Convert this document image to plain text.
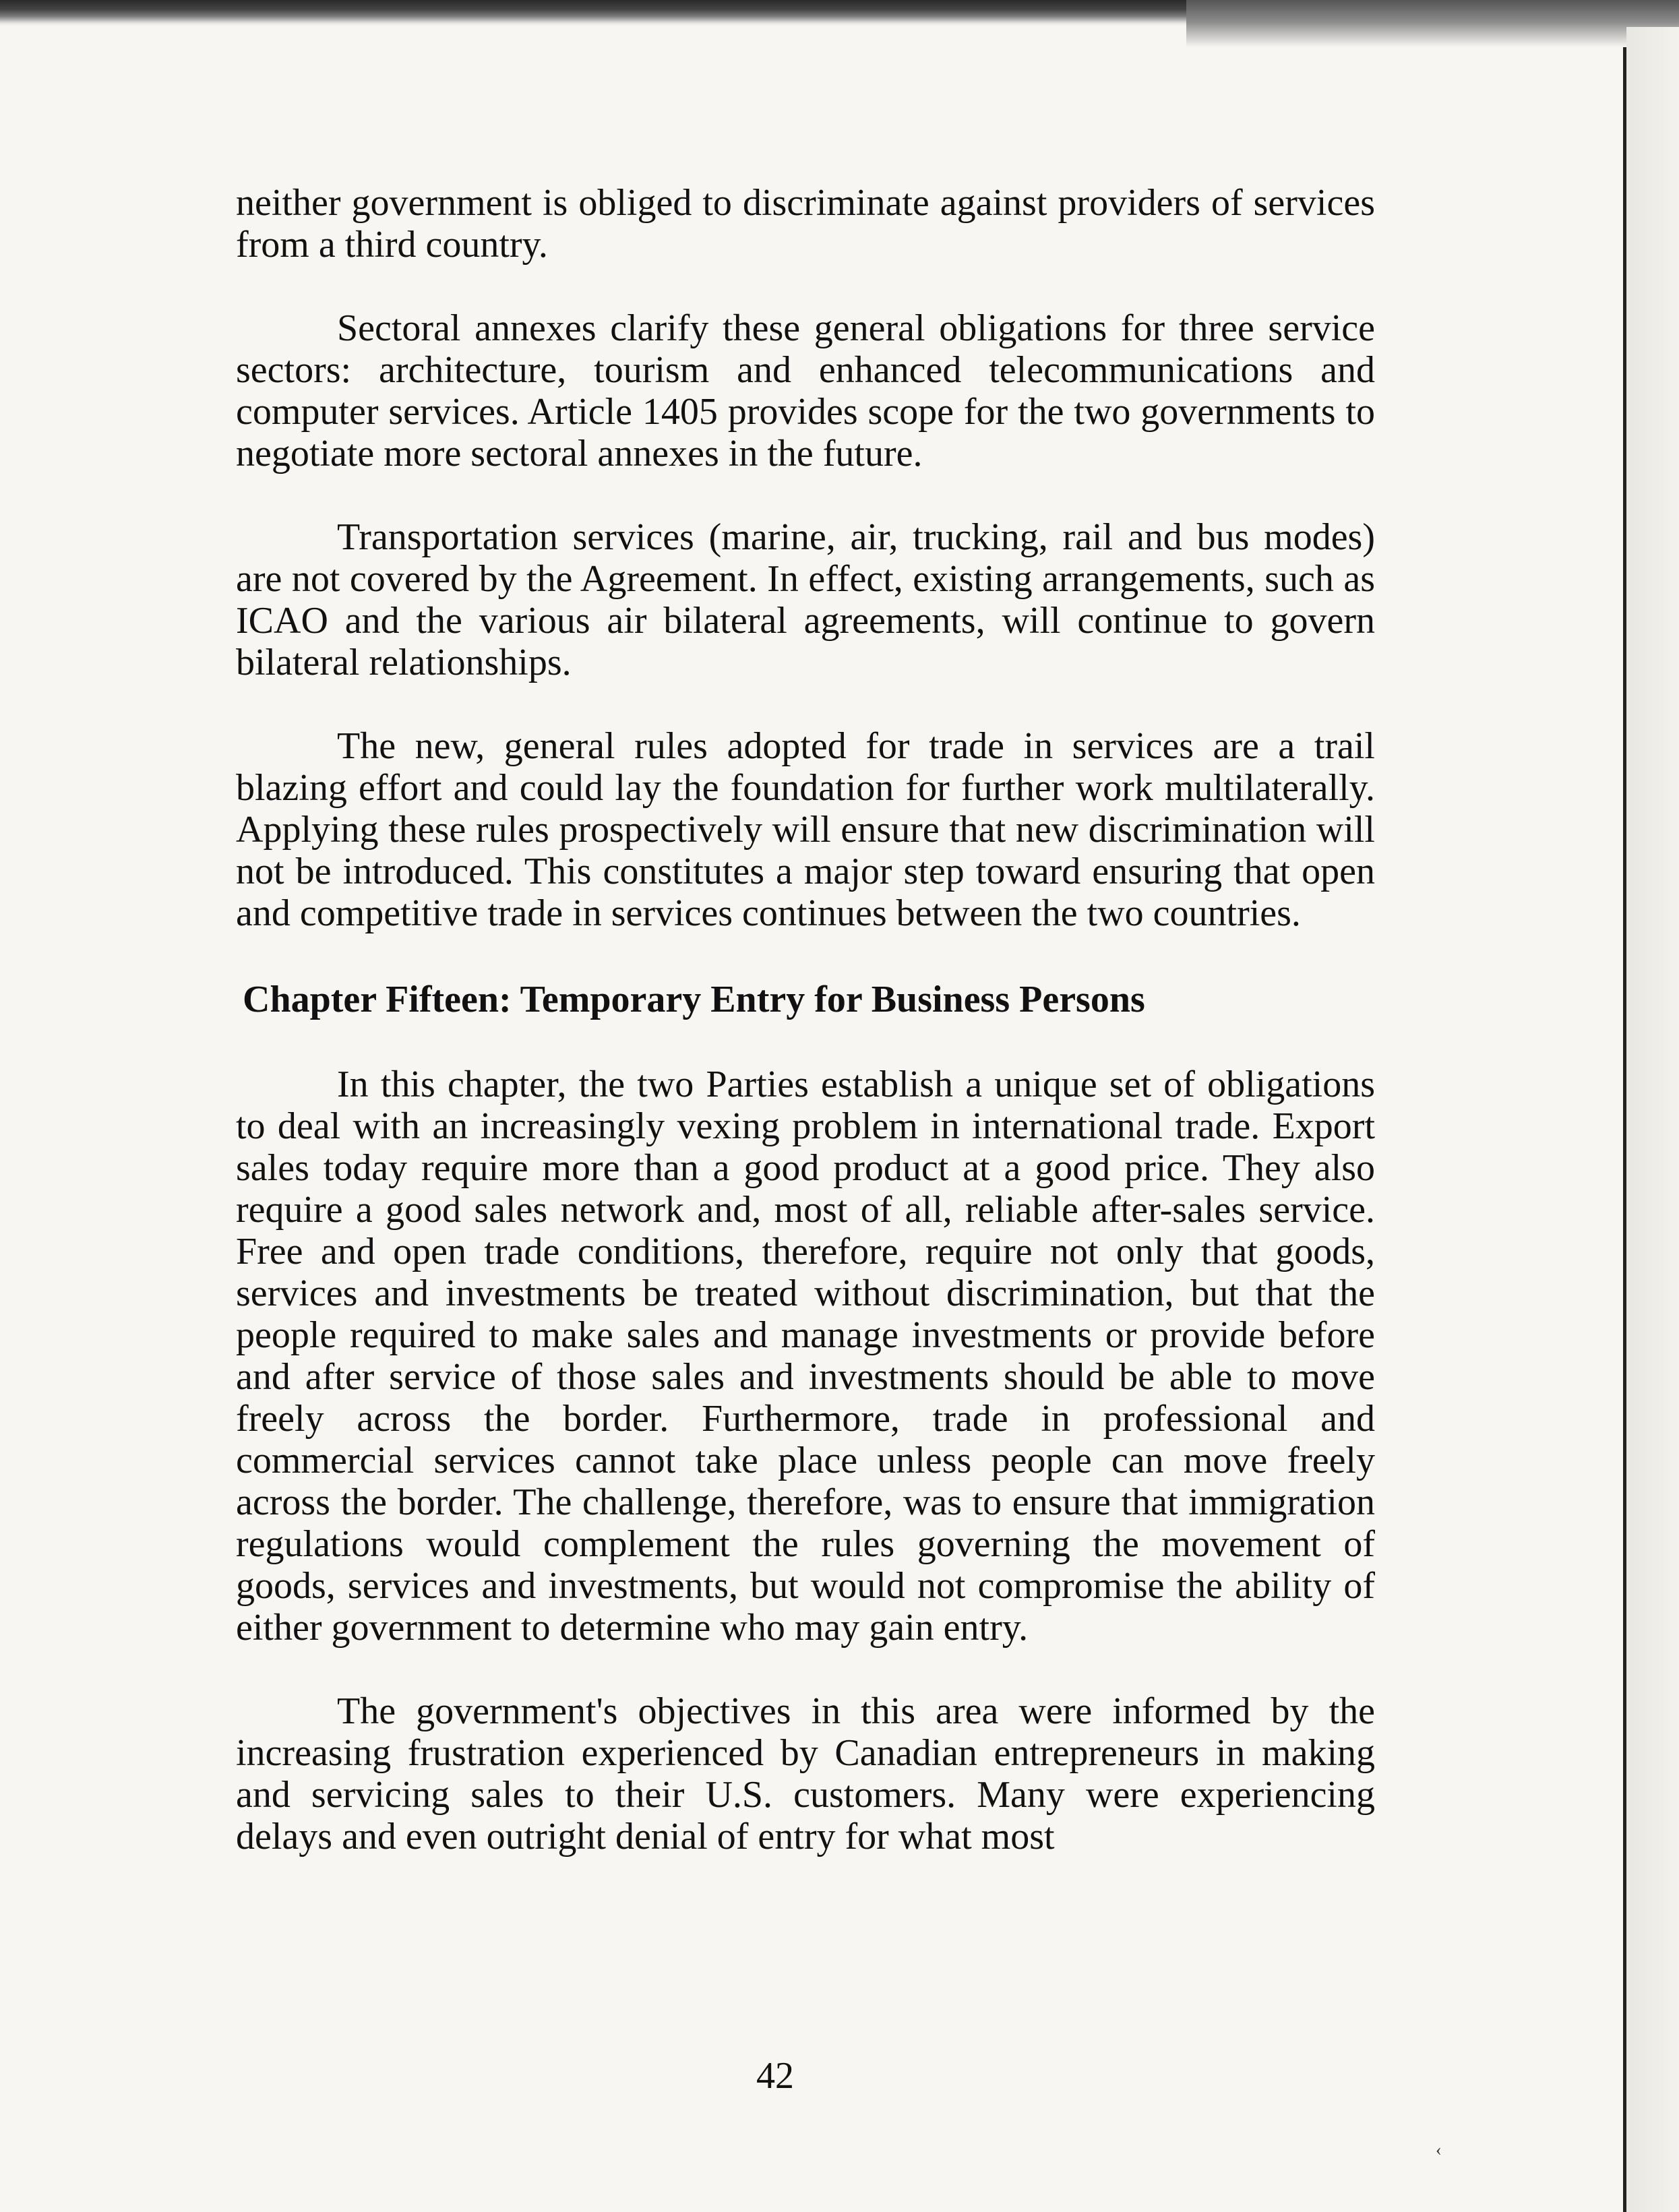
neither government is obliged to discriminate against providers of services from a third country.

Sectoral annexes clarify these general obligations for three service sectors: architecture, tourism and enhanced telecommunications and computer services. Article 1405 provides scope for the two governments to negotiate more sectoral annexes in the future.

Transportation services (marine, air, trucking, rail and bus modes) are not covered by the Agreement. In effect, existing arrangements, such as ICAO and the various air bilateral agreements, will continue to govern bilateral relationships.

The new, general rules adopted for trade in services are a trail blazing effort and could lay the foundation for further work multilaterally. Applying these rules prospectively will ensure that new discrimination will not be introduced. This constitutes a major step toward ensuring that open and competitive trade in services continues between the two countries.

Chapter Fifteen: Temporary Entry for Business Persons

In this chapter, the two Parties establish a unique set of obligations to deal with an increasingly vexing problem in international trade. Export sales today require more than a good product at a good price. They also require a good sales network and, most of all, reliable after-sales service. Free and open trade conditions, therefore, require not only that goods, services and investments be treated without discrimination, but that the people required to make sales and manage investments or provide before and after service of those sales and investments should be able to move freely across the border. Furthermore, trade in professional and commercial services cannot take place unless people can move freely across the border. The challenge, therefore, was to ensure that immigration regulations would complement the rules governing the movement of goods, services and investments, but would not compromise the ability of either government to determine who may gain entry.

The government's objectives in this area were informed by the increasing frustration experienced by Canadian entrepreneurs in making and servicing sales to their U.S. customers. Many were experiencing delays and even outright denial of entry for what most

42
‹
